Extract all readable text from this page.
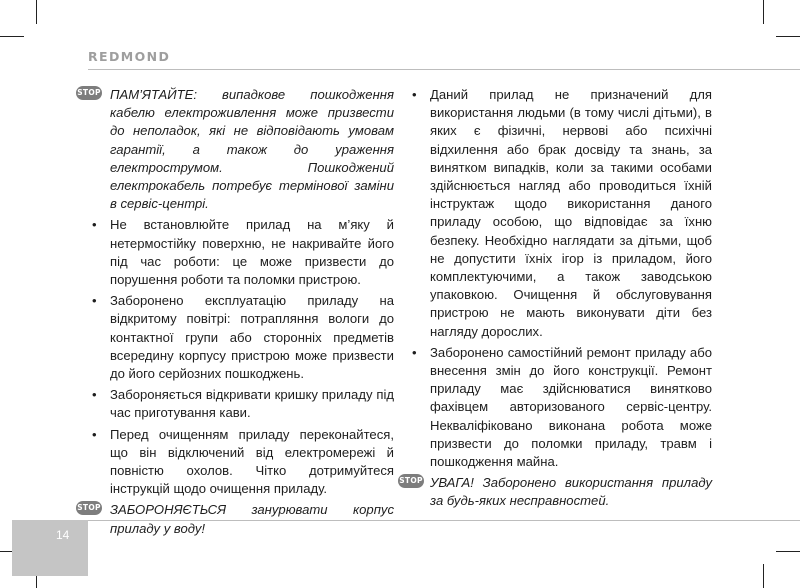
REDMOND
STOP ПАМ’ЯТАЙТЕ: випадкове пошкодження кабелю електроживлення може призвести до неполадок, які не відповідають умовам гарантії, а також до ураження електрострумом. Пошкоджений електрокабель потребує термінової заміни в сервіс-центрі.
• Не встановлюйте прилад на м’яку й нетермостійку поверхню, не накривайте його під час роботи: це може призвести до порушення роботи та поломки пристрою.
• Заборонено експлуатацію приладу на відкритому повітрі: потрапляння вологи до контактної групи або сторонніх предметів всередину корпусу пристрою може призвести до його серйозних пошкоджень.
• Забороняється відкривати кришку приладу під час приготування кави.
• Перед очищенням приладу переконайтеся, що він відключений від електромережі й повністю охолов. Чітко дотримуйтеся інструкцій щодо очищення приладу.
STOP ЗАБОРОНЯЄТЬСЯ занурювати корпус приладу у воду!
• Даний прилад не призначений для використання людьми (в тому числі дітьми), в яких є фізичні, нервові або психічні відхилення або брак досвіду та знань, за винятком випадків, коли за такими особами здійснюється нагляд або проводиться їхній інструктаж щодо використання даного приладу особою, що відповідає за їхню безпеку. Необхідно наглядати за дітьми, щоб не допустити їхніх ігор із приладом, його комплектуючими, а також заводською упаковкою. Очищення й обслуговування пристрою не мають виконувати діти без нагляду дорослих.
• Заборонено самостійний ремонт приладу або внесення змін до його конструкції. Ремонт приладу має здійснюватися винятково фахівцем авторизованого сервіс-центру. Некваліфіковано виконана робота може призвести до поломки приладу, травм і пошкодження майна.
STOP УВАГА! Заборонено використання приладу за будь-яких несправностей.
14
